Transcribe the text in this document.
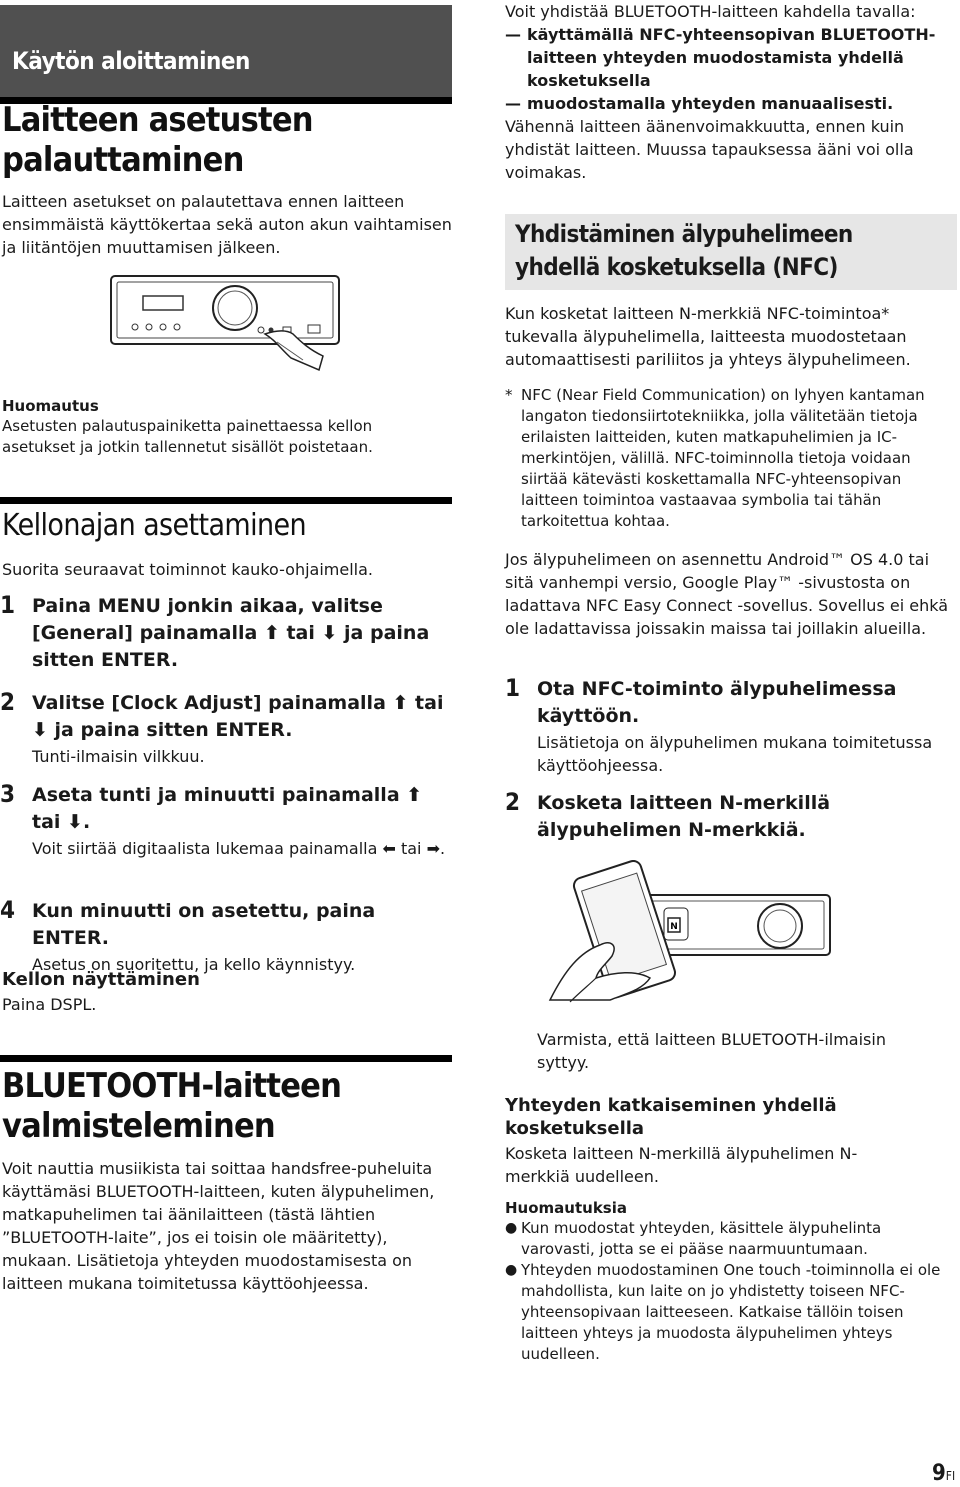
Käytön aloittaminen
Laitteen asetusten
palauttaminen
Laitteen asetukset on palautettava ennen laitteen ensimmäistä käyttökertaa sekä auton akun vaihtamisen ja liitäntöjen muuttamisen jälkeen.
Huomautus
Asetusten palautuspainiketta painettaessa kellon asetukset ja jotkin tallennetut sisällöt poistetaan.
Kellonajan asettaminen
Suorita seuraavat toiminnot kauko-ohjaimella.
1 Paina MENU jonkin aikaa, valitse [General] painamalla ⬆ tai ⬇ ja paina sitten ENTER.
2 Valitse [Clock Adjust] painamalla ⬆ tai ⬇ ja paina sitten ENTER.
Tunti-ilmaisin vilkkuu.
3 Aseta tunti ja minuutti painamalla ⬆ tai ⬇.
Voit siirtää digitaalista lukemaa painamalla ⬅ tai ➡.
4 Kun minuutti on asetettu, paina ENTER.
Asetus on suoritettu, ja kello käynnistyy.
Kellon näyttäminen
Paina DSPL.
BLUETOOTH-laitteen
valmisteleminen
Voit nauttia musiikista tai soittaa handsfree-puheluita käyttämäsi BLUETOOTH-laitteen, kuten älypuhelimen, matkapuhelimen tai äänilaitteen (tästä lähtien ”BLUETOOTH-laite”, jos ei toisin ole määritetty), mukaan. Lisätietoja yhteyden muodostamisesta on laitteen mukana toimitetussa käyttöohjeessa.
Voit yhdistää BLUETOOTH-laitteen kahdella tavalla:
— käyttämällä NFC-yhteensopivan BLUETOOTH-laitteen yhteyden muodostamista yhdellä kosketuksella
— muodostamalla yhteyden manuaalisesti.
Vähennä laitteen äänenvoimakkuutta, ennen kuin yhdistät laitteen. Muussa tapauksessa ääni voi olla voimakas.
Yhdistäminen älypuhelimeen
yhdellä kosketuksella (NFC)
Kun kosketat laitteen N-merkkiä NFC-toimintoa* tukevalla älypuhelimella, laitteesta muodostetaan automaattisesti pariliitos ja yhteys älypuhelimeen.
* NFC (Near Field Communication) on lyhyen kantaman langaton tiedonsiirtotekniikka, jolla välitetään tietoja erilaisten laitteiden, kuten matkapuhelimien ja IC-merkintöjen, välillä. NFC-toiminnolla tietoja voidaan siirtää kätevästi koskettamalla NFC-yhteensopivan laitteen toimintoa vastaavaa symbolia tai tähän tarkoitettua kohtaa.
Jos älypuhelimeen on asennettu Android™ OS 4.0 tai sitä vanhempi versio, Google Play™ -sivustosta on ladattava NFC Easy Connect -sovellus. Sovellus ei ehkä ole ladattavissa joissakin maissa tai joillakin alueilla.
1 Ota NFC-toiminto älypuhelimessa käyttöön.
Lisätietoja on älypuhelimen mukana toimitetussa käyttöohjeessa.
2 Kosketa laitteen N-merkillä älypuhelimen N-merkkiä.
N
Varmista, että laitteen BLUETOOTH-ilmaisin syttyy.
Yhteyden katkaiseminen yhdellä kosketuksella
Kosketa laitteen N-merkillä älypuhelimen N-merkkiä uudelleen.
Huomautuksia
● Kun muodostat yhteyden, käsittele älypuhelinta varovasti, jotta se ei pääse naarmuuntumaan.
● Yhteyden muodostaminen One touch -toiminnolla ei ole mahdollista, kun laite on jo yhdistetty toiseen NFC-yhteensopivaan laitteeseen. Katkaise tällöin toisen laitteen yhteys ja muodosta älypuhelimen yhteys uudelleen.
9FI
